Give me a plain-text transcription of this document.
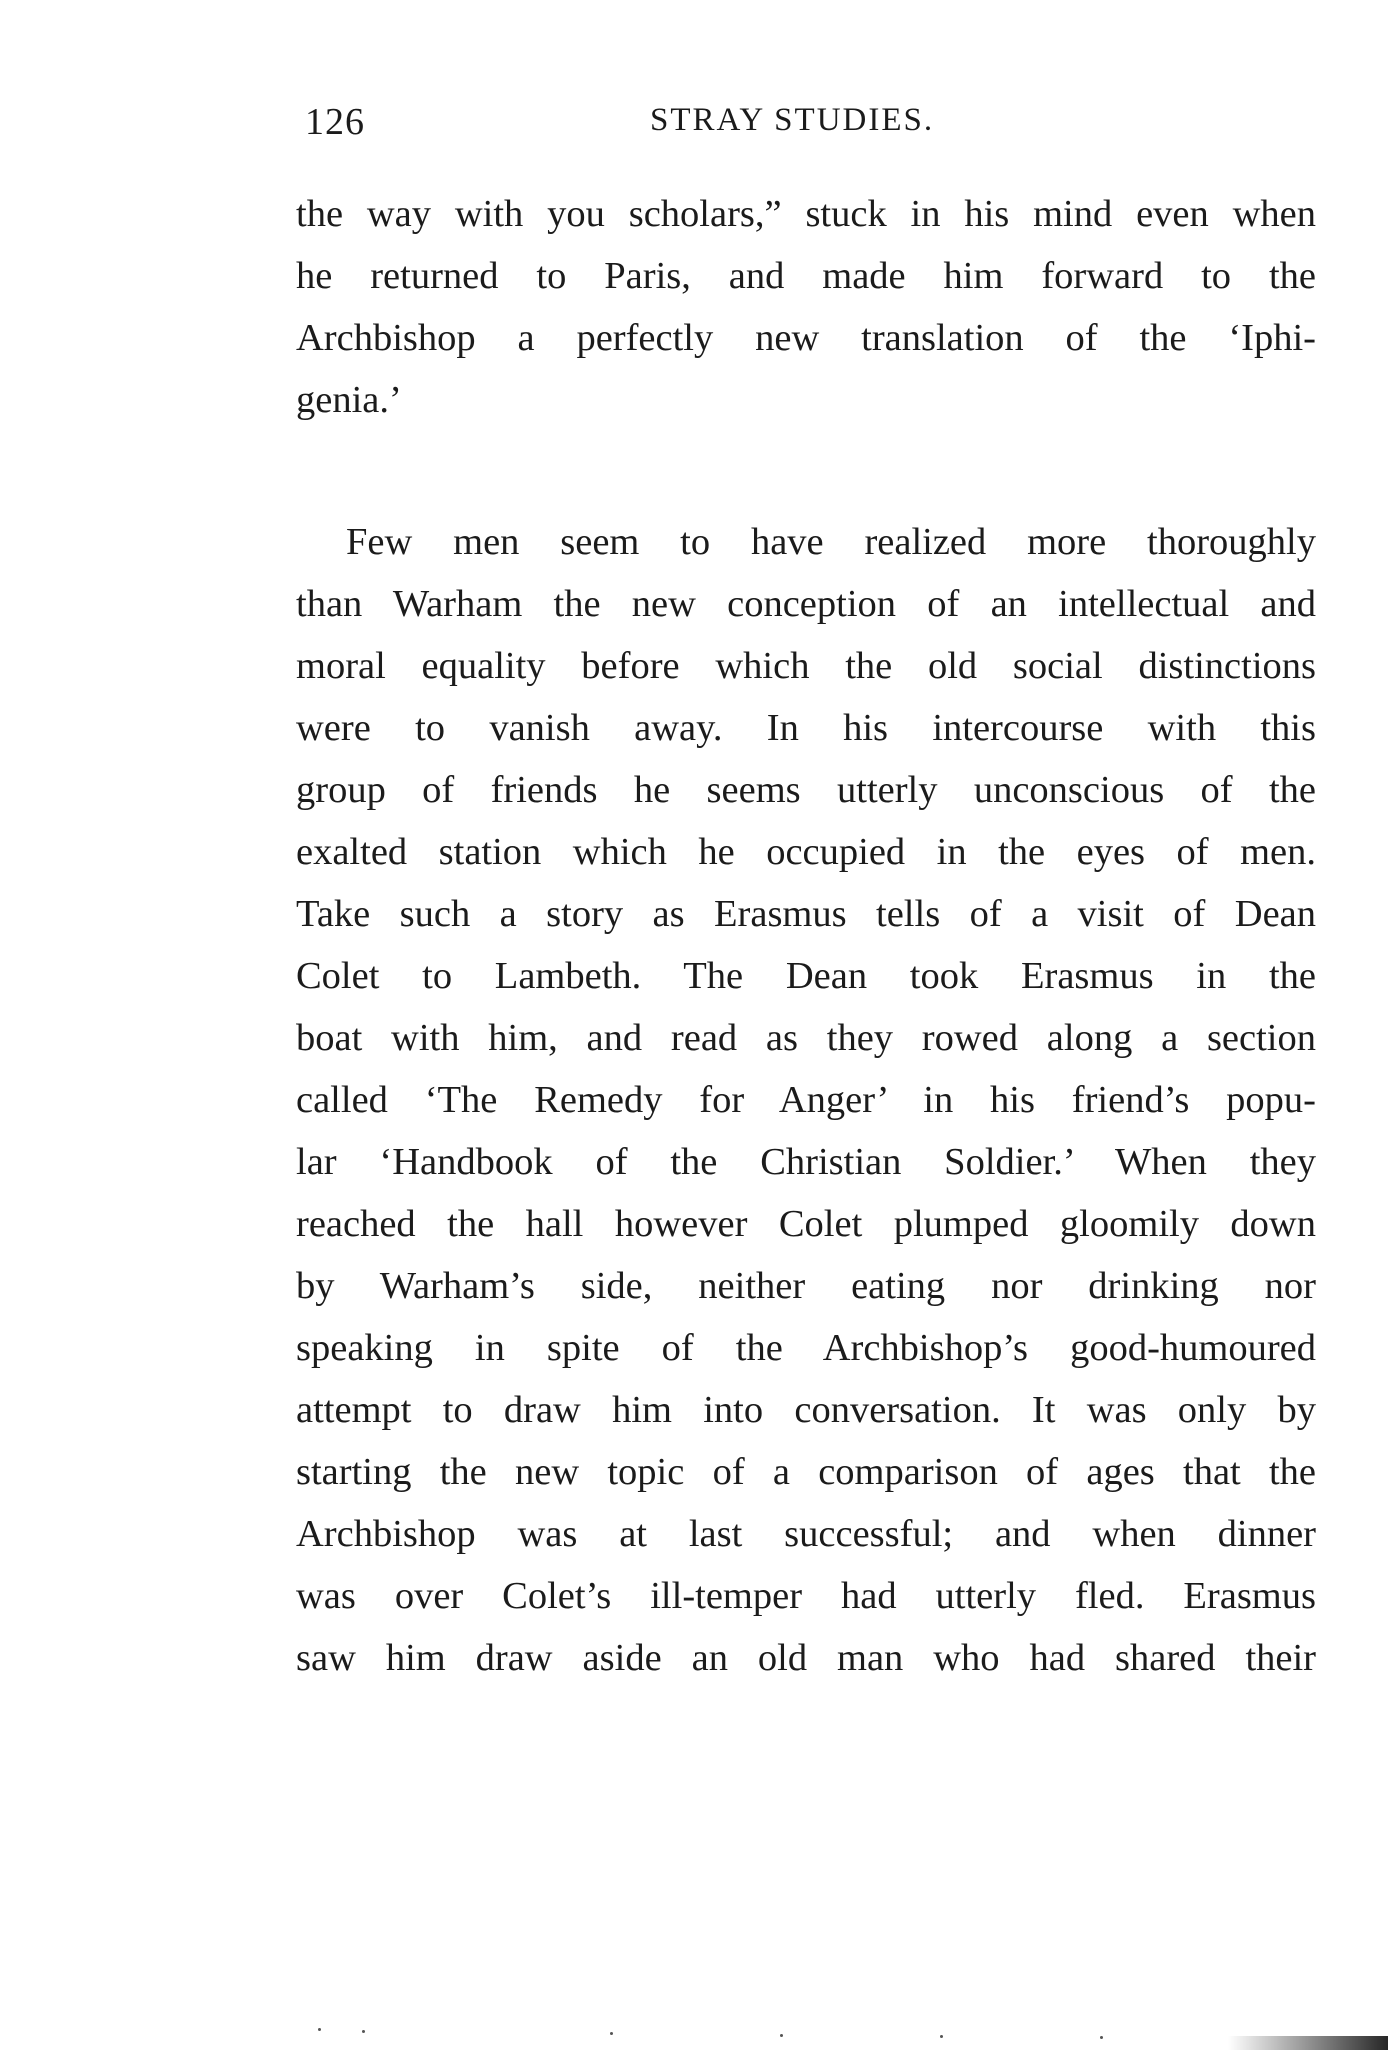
126	STRAY STUDIES.
the way with you scholars,” stuck in his mind even when
he returned to Paris, and made him forward to the
Archbishop a perfectly new translation of the ‘Iphi-
genia.’
Few men seem to have realized more thoroughly
than Warham the new conception of an intellectual and
moral equality before which the old social distinctions
were to vanish away. In his intercourse with this
group of friends he seems utterly unconscious of the
exalted station which he occupied in the eyes of men.
Take such a story as Erasmus tells of a visit of Dean
Colet to Lambeth. The Dean took Erasmus in the
boat with him, and read as they rowed along a section
called ‘The Remedy for Anger’ in his friend’s popu-
lar ‘Handbook of the Christian Soldier.’ When they
reached the hall however Colet plumped gloomily down
by Warham’s side, neither eating nor drinking nor
speaking in spite of the Archbishop’s good-humoured
attempt to draw him into conversation. It was only by
starting the new topic of a comparison of ages that the
Archbishop was at last successful; and when dinner
was over Colet’s ill-temper had utterly fled. Erasmus
saw him draw aside an old man who had shared their
